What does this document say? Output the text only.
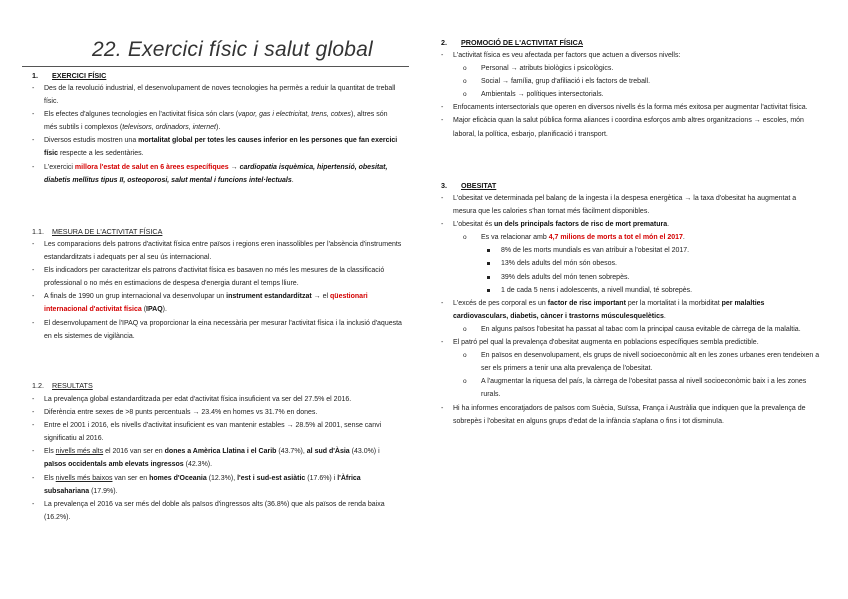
22. Exercici físic i salut global
1. EXERCICI FÍSIC
- Des de la revolució industrial, el desenvolupament de noves tecnologies ha permès a reduir la quantitat de treball físic.
- Els efectes d'algunes tecnologies en l'activitat física són clars (vapor, gas i electricitat, trens, cotxes), altres són més subtils i complexos (televisors, ordinadors, internet).
- Diversos estudis mostren una mortalitat global per totes les causes inferior en les persones que fan exercici físic respecte a les sedentàries.
- L'exercici millora l'estat de salut en 6 àrees específiques → cardiopatia isquèmica, hipertensió, obesitat, diabetis mellitus tipus II, osteoporosi, salut mental i funcions intel·lectuals.
1.1. MESURA DE L'ACTIVITAT FÍSICA
- Les comparacions dels patrons d'activitat física entre països i regions eren inassolibles per l'absència d'instruments estandarditzats i adequats per al seu ús internacional.
- Els indicadors per caracteritzar els patrons d'activitat física es basaven no més les mesures de la classificació professional o no més en estimacions de despesa d'energia durant el temps lliure.
- A finals de 1990 un grup internacional va desenvolupar un instrument estandarditzat → el qüestionari internacional d'activitat física (IPAQ).
- El desenvolupament de l'IPAQ va proporcionar la eina necessària per mesurar l'activitat física i la inclusió d'aquesta en els sistemes de vigilància.
1.2. RESULTATS
- La prevalença global estandarditzada per edat d'activitat física insuficient va ser del 27.5% el 2016.
- Diferència entre sexes de >8 punts percentuals → 23.4% en homes vs 31.7% en dones.
- Entre el 2001 i 2016, els nivells d'activitat insuficient es van mantenir estables → 28.5% al 2001, sense canvi significatiu al 2016.
- Els nivells més alts el 2016 van ser en dones a Amèrica Llatina i el Carib (43.7%), al sud d'Àsia (43.0%) i països occidentals amb elevats ingressos (42.3%).
- Els nivells més baixos van ser en homes d'Oceania (12.3%), l'est i sud-est asiàtic (17.6%) i l'Àfrica subsahariana (17.9%).
- La prevalença el 2016 va ser més del doble als països d'ingressos alts (36.8%) que als països de renda baixa (16.2%).
2. PROMOCIÓ DE L'ACTIVITAT FÍSICA
- L'activitat física es veu afectada per factors que actuen a diversos nivells:
o Personal → atributs biològics i psicològics.
o Social → família, grup d'afiliació i els factors de treball.
o Ambientals → polítiques intersectorials.
- Enfocaments intersectorials que operen en diversos nivells és la forma més exitosa per augmentar l'activitat física.
- Major eficàcia quan la salut pública forma aliances i coordina esforços amb altres organitzacions → escoles, món laboral, la política, esbarjo, planificació i transport.
3. OBESITAT
- L'obesitat ve determinada pel balanç de la ingesta i la despesa energètica → la taxa d'obesitat ha augmentat a mesura que les calories s'han tornat més fàcilment disponibles.
- L'obesitat és un dels principals factors de risc de mort prematura.
o Es va relacionar amb 4,7 milions de morts a tot el món el 2017.
8% de les morts mundials es van atribuir a l'obesitat el 2017.
13% dels adults del món són obesos.
39% dels adults del món tenen sobrepès.
1 de cada 5 nens i adolescents, a nivell mundial, té sobrepès.
- L'excés de pes corporal es un factor de risc important per la mortalitat i la morbiditat per malalties cardiovasculars, diabetis, càncer i trastorns músculesquelètics.
o En alguns països l'obesitat ha passat al tabac com la principal causa evitable de càrrega de la malaltia.
- El patró pel qual la prevalença d'obesitat augmenta en poblacions específiques sembla predictible.
o En països en desenvolupament, els grups de nivell socioeconòmic alt en les zones urbanes eren tendeixen a ser els primers a tenir una alta prevalença de l'obesitat.
o A l'augmentar la riquesa del país, la càrrega de l'obesitat passa al nivell socioeconòmic baix i a les zones rurals.
- Hi ha informes encoratjadors de països com Suècia, Suïssa, França i Austràlia que indiquen que la prevalença de sobrepès i l'obesitat en alguns grups d'edat de la infància s'aplana o fins i tot disminuïa.
